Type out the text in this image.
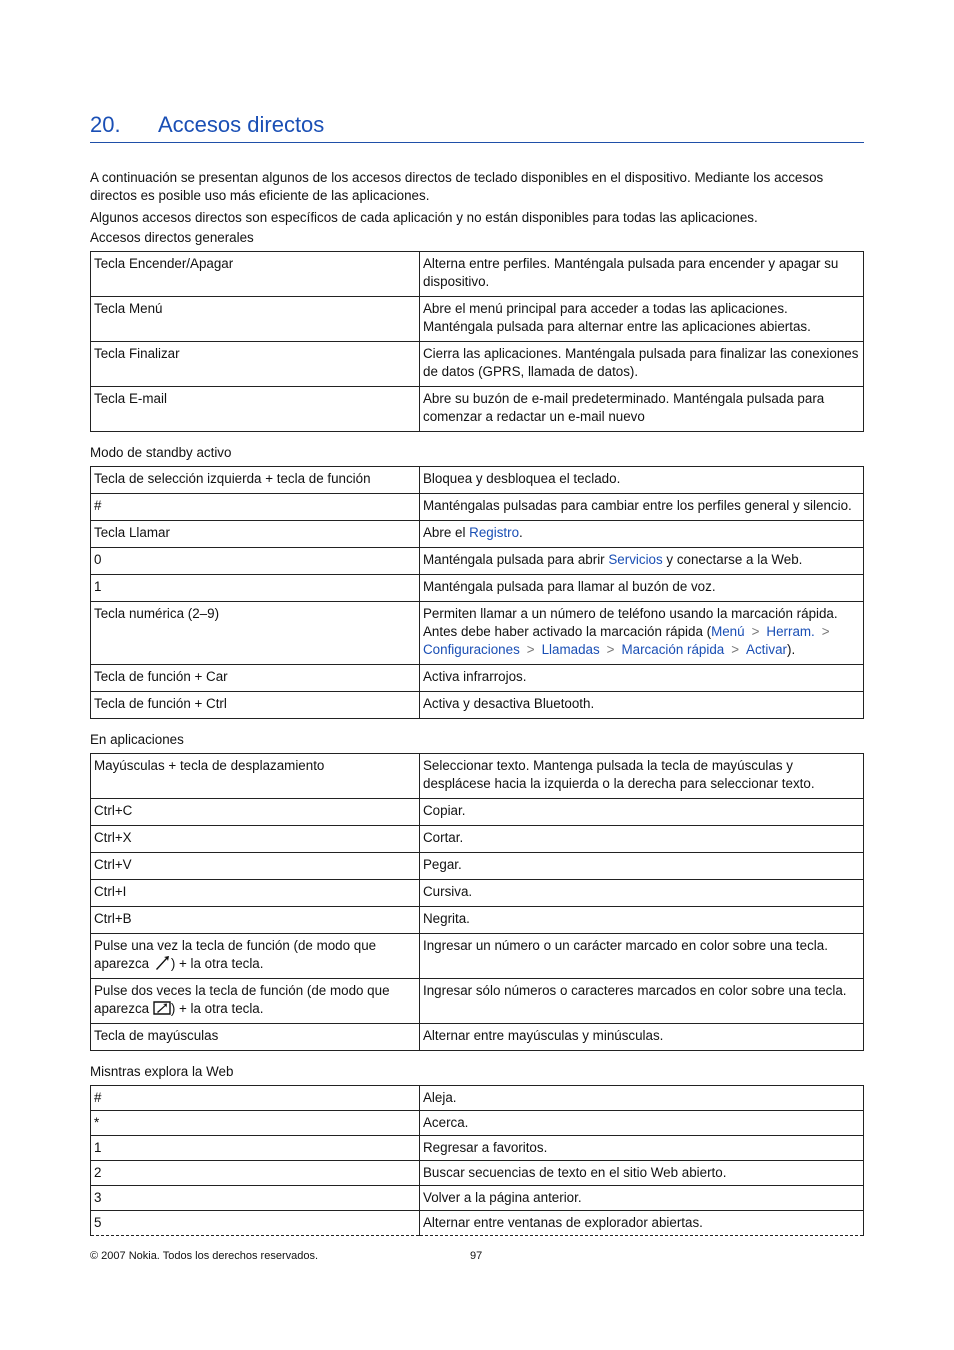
20. Accesos directos

A continuación se presentan algunos de los accesos directos de teclado disponibles en el dispositivo. Mediante los accesos directos es posible uso más eficiente de las aplicaciones.

Algunos accesos directos son específicos de cada aplicación y no están disponibles para todas las aplicaciones.

Accesos directos generales
Tecla Encender/Apagar	Alterna entre perfiles. Manténgala pulsada para encender y apagar su dispositivo.
Tecla Menú	Abre el menú principal para acceder a todas las aplicaciones. Manténgala pulsada para alternar entre las aplicaciones abiertas.
Tecla Finalizar	Cierra las aplicaciones. Manténgala pulsada para finalizar las conexiones de datos (GPRS, llamada de datos).
Tecla E-mail	Abre su buzón de e-mail predeterminado. Manténgala pulsada para comenzar a redactar un e-mail nuevo
Modo de standby activo
Tecla de selección izquierda + tecla de función	Bloquea y desbloquea el teclado.
#	Manténgalas pulsadas para cambiar entre los perfiles general y silencio.
Tecla Llamar	Abre el Registro.
0	Manténgala pulsada para abrir Servicios y conectarse a la Web.
1	Manténgala pulsada para llamar al buzón de voz.
Tecla numérica (2–9)	Permiten llamar a un número de teléfono usando la marcación rápida. Antes debe haber activado la marcación rápida (Menú > Herram. > Configuraciones > Llamadas > Marcación rápida > Activar).
Tecla de función + Car	Activa infrarrojos.
Tecla de función + Ctrl	Activa y desactiva Bluetooth.
En aplicaciones
Mayúsculas + tecla de desplazamiento	Seleccionar texto. Mantenga pulsada la tecla de mayúsculas y desplácese hacia la izquierda o la derecha para seleccionar texto.
Ctrl+C	Copiar.
Ctrl+X	Cortar.
Ctrl+V	Pegar.
Ctrl+I	Cursiva.
Ctrl+B	Negrita.
Pulse una vez la tecla de función (de modo que aparezca ) + la otra tecla.	Ingresar un número o un carácter marcado en color sobre una tecla.
Pulse dos veces la tecla de función (de modo que aparezca ) + la otra tecla.	Ingresar sólo números o caracteres marcados en color sobre una tecla.
Tecla de mayúsculas	Alternar entre mayúsculas y minúsculas.
Misntras explora la Web
#	Aleja.
*	Acerca.
1	Regresar a favoritos.
2	Buscar secuencias de texto en el sitio Web abierto.
3	Volver a la página anterior.
5	Alternar entre ventanas de explorador abiertas.
© 2007 Nokia. Todos los derechos reservados.	97
